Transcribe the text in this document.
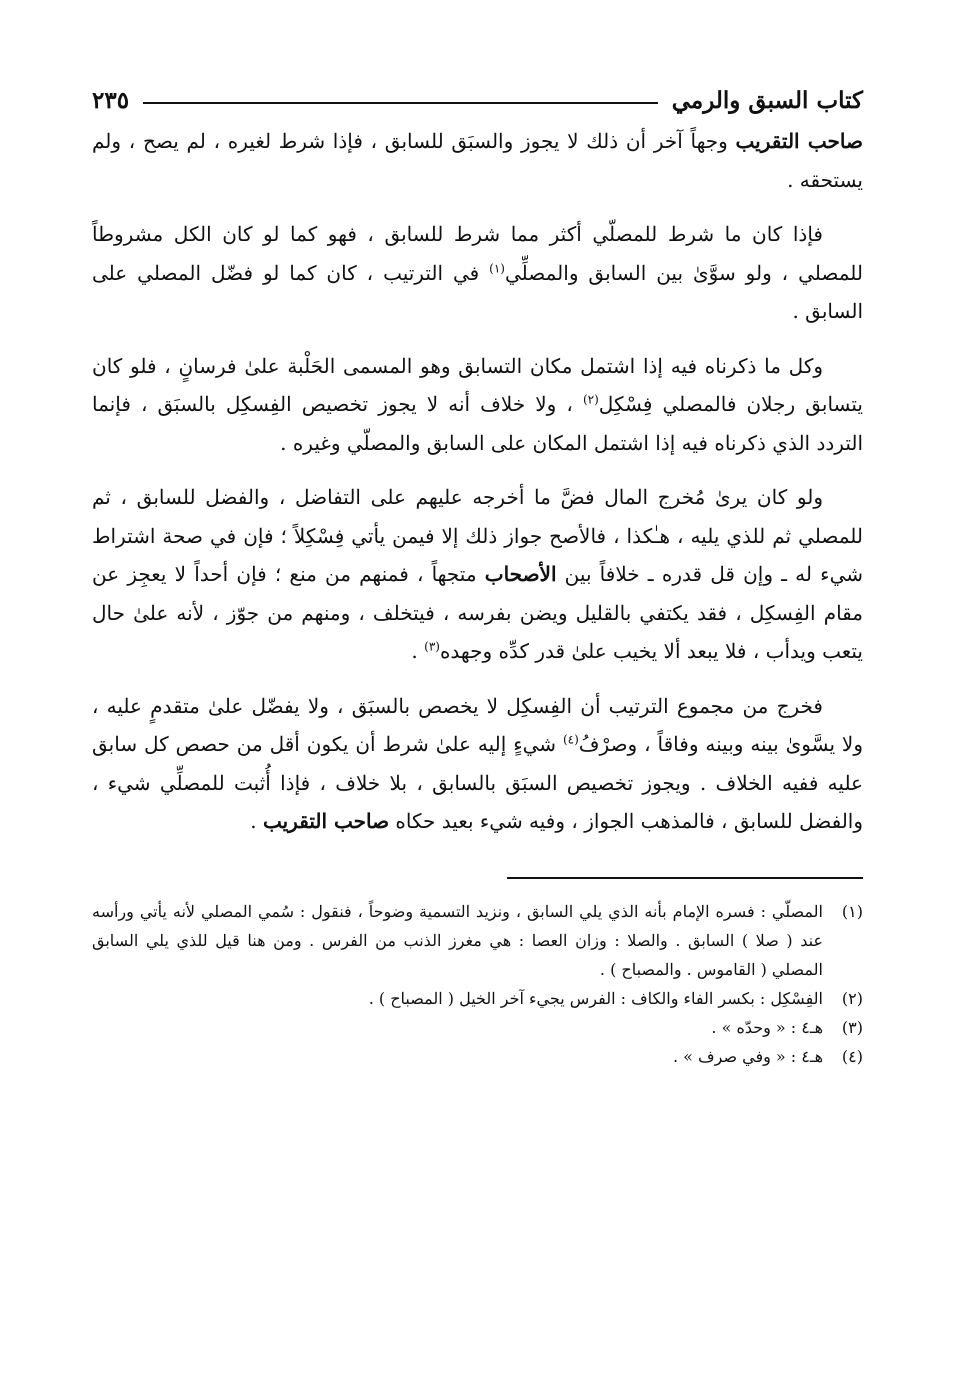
كتاب السبق والرمي
٢٣٥

صاحب التقريب وجهاً آخر أن ذلك لا يجوز والسبَق للسابق ، فإذا شرط لغيره ، لم يصح ، ولم يستحقه .

فإذا كان ما شرط للمصلّي أكثر مما شرط للسابق ، فهو كما لو كان الكل مشروطاً للمصلي ، ولو سوَّىٰ بين السابق والمصلِّي$^{(١)}$ في الترتيب ، كان كما لو فضّل المصلي على السابق .

وكل ما ذكرناه فيه إذا اشتمل مكان التسابق وهو المسمى الحَلْبة علىٰ فرسانٍ ، فلو كان يتسابق رجلان فالمصلي فِسْكِل$^{(٢)}$ ، ولا خلاف أنه لا يجوز تخصيص الفِسكِل بالسبَق ، فإنما التردد الذي ذكرناه فيه إذا اشتمل المكان على السابق والمصلّي وغيره .

ولو كان يرىٰ مُخرج المال فضَّ ما أخرجه عليهم على التفاضل ، والفضل للسابق ، ثم للمصلي ثم للذي يليه ، هـٰكذا ، فالأصح جواز ذلك إلا فيمن يأتي فِسْكِلاً ؛ فإن في صحة اشتراط شيء له ـ وإن قل قدره ـ خلافاً بين الأصحاب متجهاً ، فمنهم من منع ؛ فإن أحداً لا يعجِز عن مقام الفِسكِل ، فقد يكتفي بالقليل ويضن بفرسه ، فيتخلف ، ومنهم من جوّز ، لأنه علىٰ حال يتعب ويدأب ، فلا يبعد ألا يخيب علىٰ قدر كدِّه وجهده$^{(٣)}$ .

فخرج من مجموع الترتيب أن الفِسكِل لا يخصص بالسبَق ، ولا يفضّل علىٰ متقدمٍ عليه ، ولا يسَّوىٰ بينه وبينه وفاقاً ، وصرْفُ$^{(٤)}$ شيءٍ إليه علىٰ شرط أن يكون أقل من حصص كل سابق عليه ففيه الخلاف . ويجوز تخصيص السبَق بالسابق ، بلا خلاف ، فإذا أُثبت للمصلِّي شيء ، والفضل للسابق ، فالمذهب الجواز ، وفيه شيء بعيد حكاه صاحب التقريب .

(١)
المصلّي : فسره الإمام بأنه الذي يلي السابق ، ونزيد التسمية وضوحاً ، فنقول : سُمي المصلي لأنه يأتي ورأسه عند ( صلا ) السابق . والصلا : وزان العصا : هي مغرز الذنب من الفرس . ومن هنا قيل للذي يلي السابق المصلي ( القاموس . والمصباح ) .
(٢)
الفِسْكِل : بكسر الفاء والكاف : الفرس يجيء آخر الخيل ( المصباح ) .
(٣)
هـ٤ : « وحدّه » .
(٤)
هـ٤ : « وفي صرف » .
